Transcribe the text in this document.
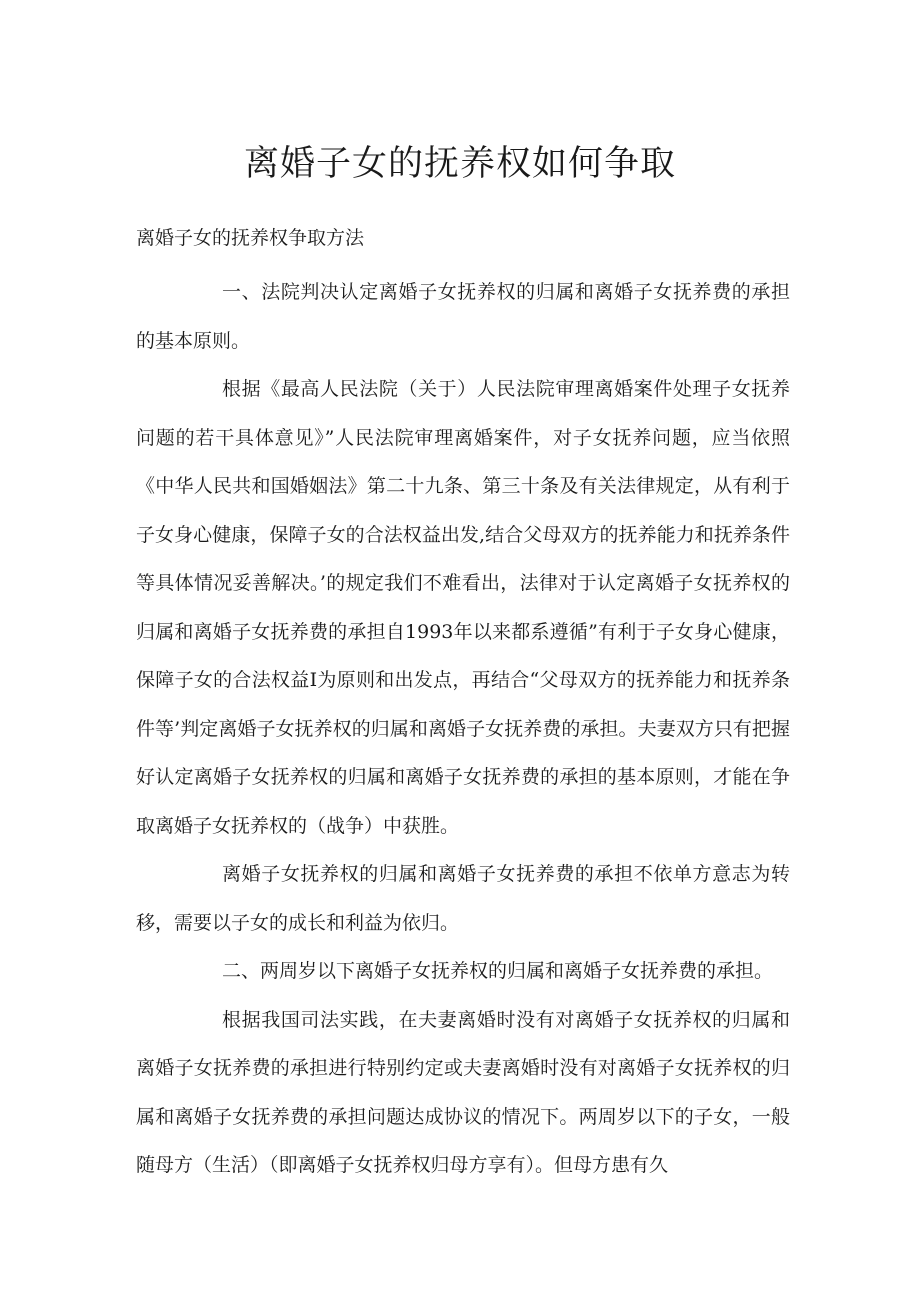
离婚子女的抚养权如何争取

离婚子女的抚养权争取方法

一、法院判决认定离婚子女抚养权的归属和离婚子女抚养费的承担的基本原则。

根据《最高人民法院（关于）人民法院审理离婚案件处理子女抚养问题的若干具体意见》”人民法院审理离婚案件，对子女抚养问题，应当依照《中华人民共和国婚姻法》第二十九条、第三十条及有关法律规定，从有利于子女身心健康，保障子女的合法权益出发,结合父母双方的抚养能力和抚养条件等具体情况妥善解决。’的规定我们不难看出，法律对于认定离婚子女抚养权的归属和离婚子女抚养费的承担自1993年以来都系遵循”有利于子女身心健康，保障子女的合法权益I为原则和出发点，再结合“父母双方的抚养能力和抚养条件等’判定离婚子女抚养权的归属和离婚子女抚养费的承担。夫妻双方只有把握好认定离婚子女抚养权的归属和离婚子女抚养费的承担的基本原则，才能在争取离婚子女抚养权的（战争）中获胜。

离婚子女抚养权的归属和离婚子女抚养费的承担不依单方意志为转移，需要以子女的成长和利益为依归。

二、两周岁以下离婚子女抚养权的归属和离婚子女抚养费的承担。

根据我国司法实践，在夫妻离婚时没有对离婚子女抚养权的归属和离婚子女抚养费的承担进行特别约定或夫妻离婚时没有对离婚子女抚养权的归属和离婚子女抚养费的承担问题达成协议的情况下。两周岁以下的子女，一般随母方（生活）（即离婚子女抚养权归母方享有）。但母方患有久
